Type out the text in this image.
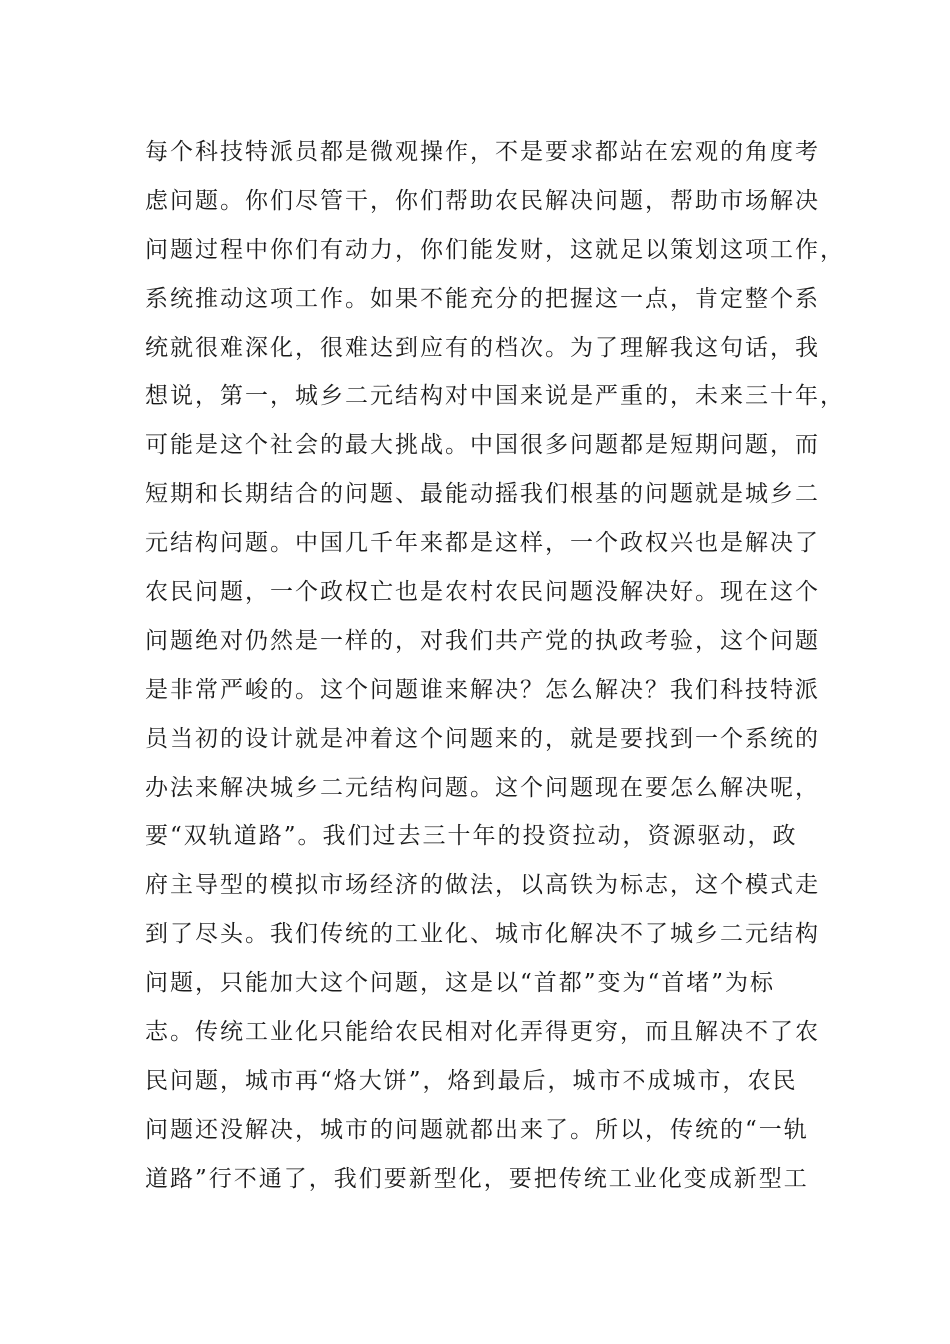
每个科技特派员都是微观操作，不是要求都站在宏观的角度考
虑问题。你们尽管干，你们帮助农民解决问题，帮助市场解决
问题过程中你们有动力，你们能发财，这就足以策划这项工作，
系统推动这项工作。如果不能充分的把握这一点，肯定整个系
统就很难深化，很难达到应有的档次。为了理解我这句话，我
想说，第一，城乡二元结构对中国来说是严重的，未来三十年，
可能是这个社会的最大挑战。中国很多问题都是短期问题，而
短期和长期结合的问题、最能动摇我们根基的问题就是城乡二
元结构问题。中国几千年来都是这样，一个政权兴也是解决了
农民问题，一个政权亡也是农村农民问题没解决好。现在这个
问题绝对仍然是一样的，对我们共产党的执政考验，这个问题
是非常严峻的。这个问题谁来解决？怎么解决？我们科技特派
员当初的设计就是冲着这个问题来的，就是要找到一个系统的
办法来解决城乡二元结构问题。这个问题现在要怎么解决呢，
要“双轨道路”。我们过去三十年的投资拉动，资源驱动，政
府主导型的模拟市场经济的做法，以高铁为标志，这个模式走
到了尽头。我们传统的工业化、城市化解决不了城乡二元结构
问题，只能加大这个问题，这是以“首都”变为“首堵”为标
志。传统工业化只能给农民相对化弄得更穷，而且解决不了农
民问题，城市再“烙大饼”，烙到最后，城市不成城市，农民
问题还没解决，城市的问题就都出来了。所以，传统的“一轨
道路”行不通了，我们要新型化，要把传统工业化变成新型工
